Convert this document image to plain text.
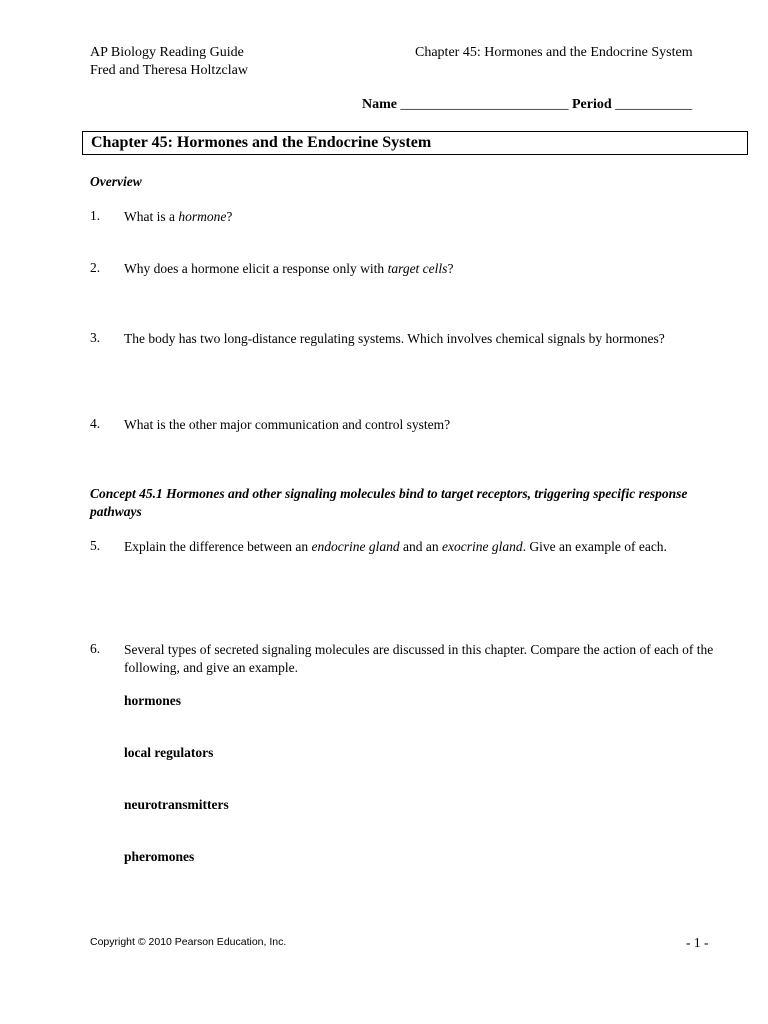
AP Biology Reading Guide
Fred and Theresa Holtzclaw
Chapter 45: Hormones and the Endocrine System
Name ________________________ Period ___________
Chapter 45: Hormones and the Endocrine System
Overview
1. What is a hormone?
2. Why does a hormone elicit a response only with target cells?
3. The body has two long-distance regulating systems. Which involves chemical signals by hormones?
4. What is the other major communication and control system?
Concept 45.1 Hormones and other signaling molecules bind to target receptors, triggering specific response pathways
5. Explain the difference between an endocrine gland and an exocrine gland. Give an example of each.
6. Several types of secreted signaling molecules are discussed in this chapter. Compare the action of each of the following, and give an example.
hormones
local regulators
neurotransmitters
pheromones
Copyright © 2010 Pearson Education, Inc.	- 1 -
